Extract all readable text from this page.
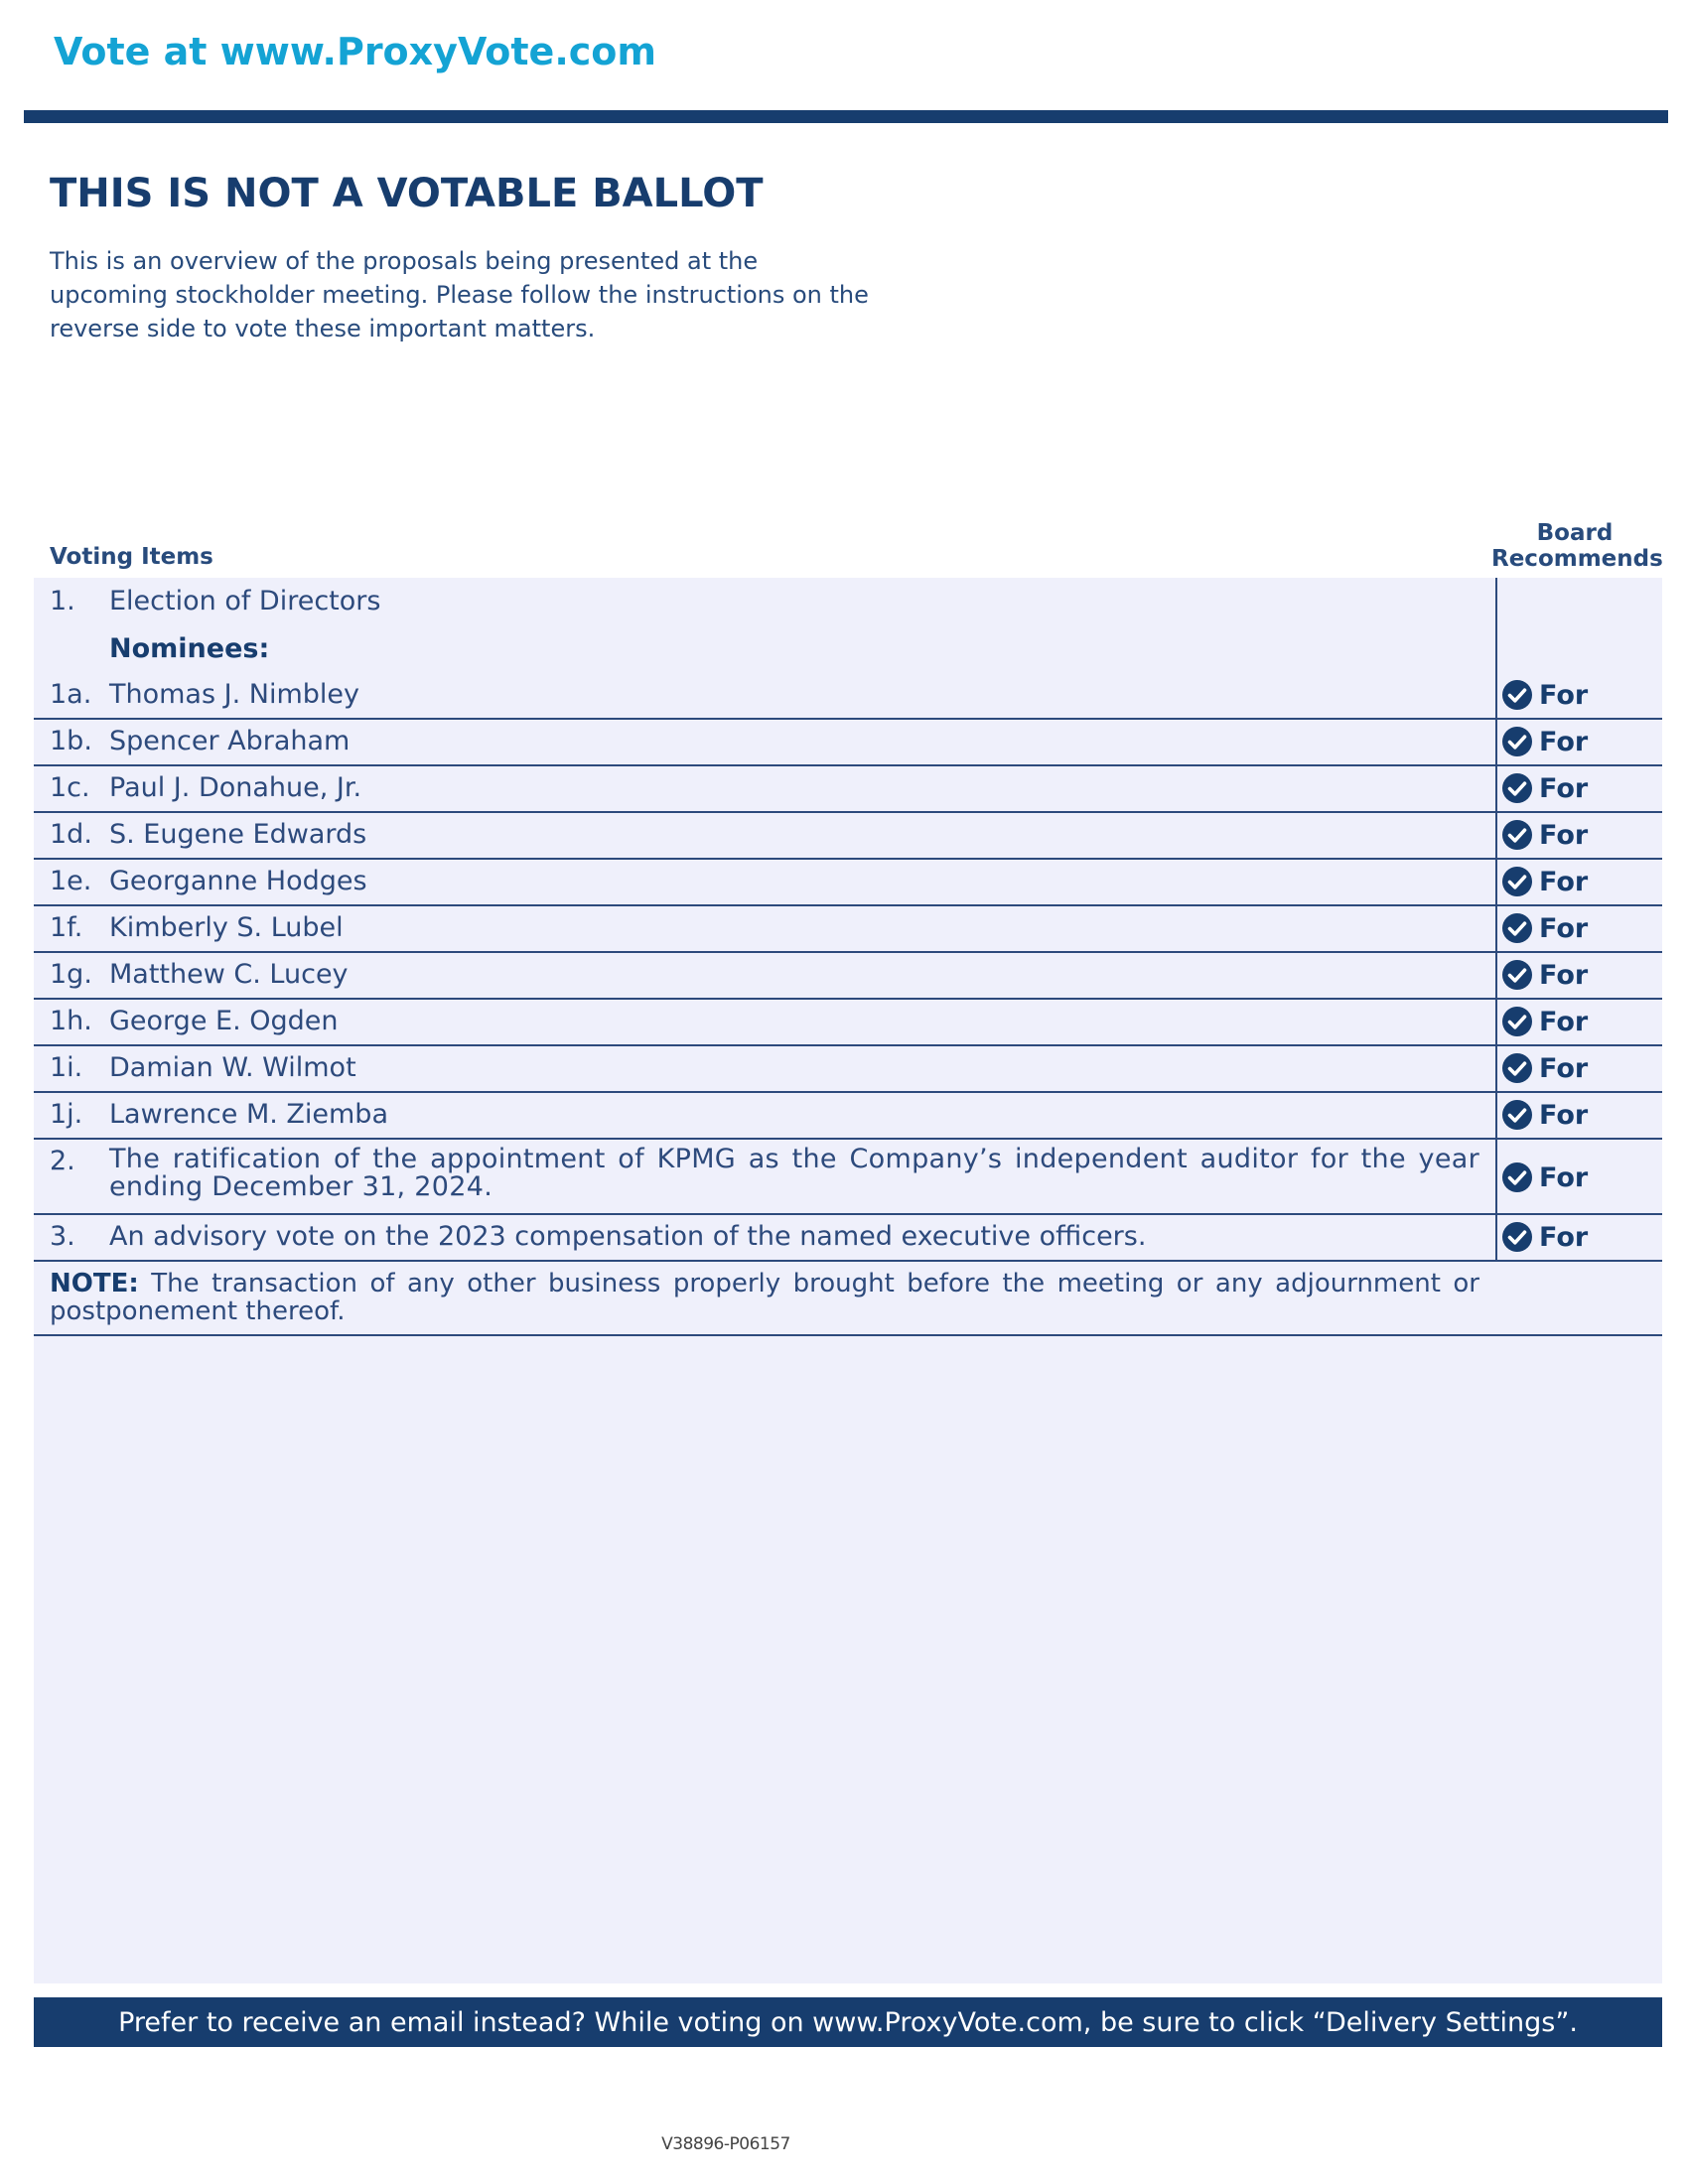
Vote at www.ProxyVote.com
THIS IS NOT A VOTABLE BALLOT
This is an overview of the proposals being presented at the upcoming stockholder meeting. Please follow the instructions on the reverse side to vote these important matters.
Voting Items
Board
Recommends
1. Election of Directors
Nominees:
1a. Thomas J. Nimbley	For
1b. Spencer Abraham	For
1c. Paul J. Donahue, Jr.	For
1d. S. Eugene Edwards	For
1e. Georganne Hodges	For
1f. Kimberly S. Lubel	For
1g. Matthew C. Lucey	For
1h. George E. Ogden	For
1i. Damian W. Wilmot	For
1j. Lawrence M. Ziemba	For
2. The ratification of the appointment of KPMG as the Company’s independent auditor for the year ending December 31, 2024.	For
3. An advisory vote on the 2023 compensation of the named executive officers.	For
NOTE: The transaction of any other business properly brought before the meeting or any adjournment or postponement thereof.
Prefer to receive an email instead? While voting on www.ProxyVote.com, be sure to click “Delivery Settings”.
V38896-P06157
